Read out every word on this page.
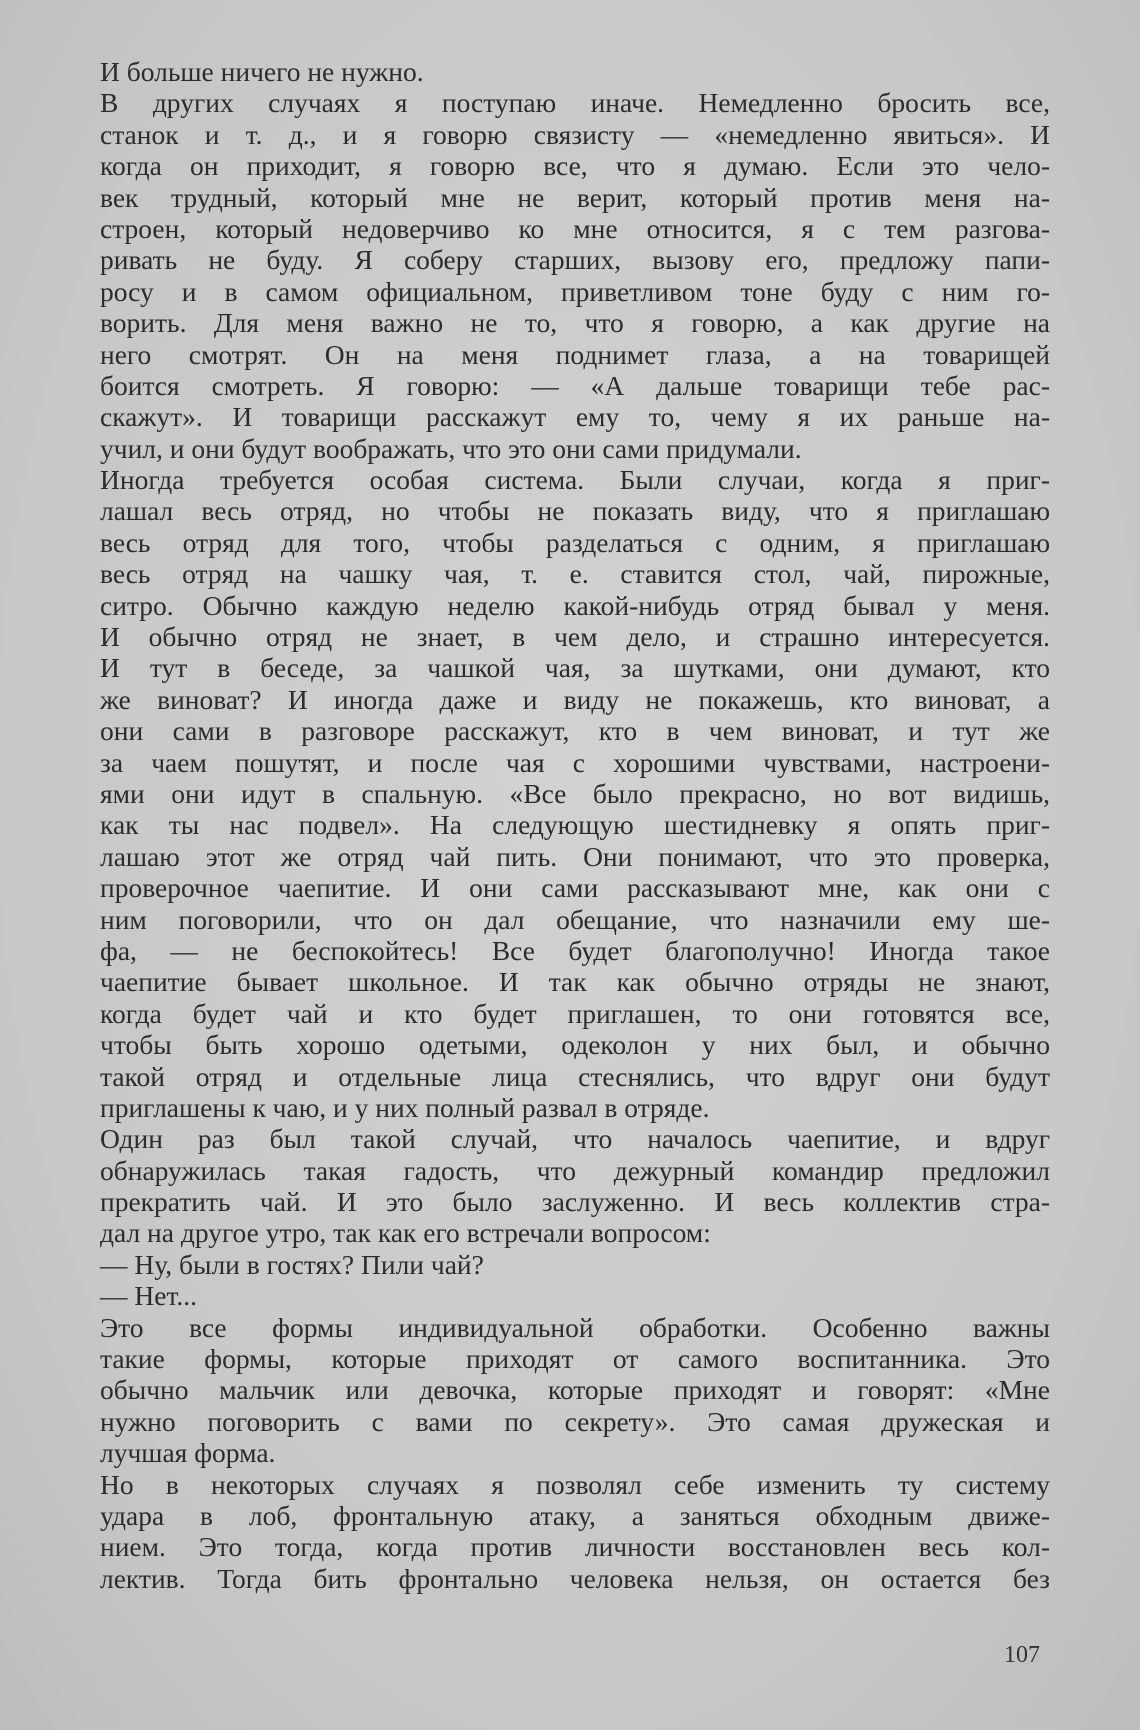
И больше ничего не нужно.
В других случаях я поступаю иначе. Немедленно бросить все,
станок и т. д., и я говорю связисту — «немедленно явиться». И
когда он приходит, я говорю все, что я думаю. Если это чело-
век трудный, который мне не верит, который против меня на-
строен, который недоверчиво ко мне относится, я с тем разгова-
ривать не буду. Я соберу старших, вызову его, предложу папи-
росу и в самом официальном, приветливом тоне буду с ним го-
ворить. Для меня важно не то, что я говорю, а как другие на
него смотрят. Он на меня поднимет глаза, а на товарищей
боится смотреть. Я говорю: — «А дальше товарищи тебе рас-
скажут». И товарищи расскажут ему то, чему я их раньше на-
учил, и они будут воображать, что это они сами придумали.
Иногда требуется особая система. Были случаи, когда я приг-
лашал весь отряд, но чтобы не показать виду, что я приглашаю
весь отряд для того, чтобы разделаться с одним, я приглашаю
весь отряд на чашку чая, т. е. ставится стол, чай, пирожные,
ситро. Обычно каждую неделю какой-нибудь отряд бывал у меня.
И обычно отряд не знает, в чем дело, и страшно интересуется.
И тут в беседе, за чашкой чая, за шутками, они думают, кто
же виноват? И иногда даже и виду не покажешь, кто виноват, а
они сами в разговоре расскажут, кто в чем виноват, и тут же
за чаем пошутят, и после чая с хорошими чувствами, настроени-
ями они идут в спальную. «Все было прекрасно, но вот видишь,
как ты нас подвел». На следующую шестидневку я опять приг-
лашаю этот же отряд чай пить. Они понимают, что это проверка,
проверочное чаепитие. И они сами рассказывают мне, как они с
ним поговорили, что он дал обещание, что назначили ему ше-
фа, — не беспокойтесь! Все будет благополучно! Иногда такое
чаепитие бывает школьное. И так как обычно отряды не знают,
когда будет чай и кто будет приглашен, то они готовятся все,
чтобы быть хорошо одетыми, одеколон у них был, и обычно
такой отряд и отдельные лица стеснялись, что вдруг они будут
приглашены к чаю, и у них полный развал в отряде.
Один раз был такой случай, что началось чаепитие, и вдруг
обнаружилась такая гадость, что дежурный командир предложил
прекратить чай. И это было заслуженно. И весь коллектив стра-
дал на другое утро, так как его встречали вопросом:
— Ну, были в гостях? Пили чай?
— Нет...
Это все формы индивидуальной обработки. Особенно важны
такие формы, которые приходят от самого воспитанника. Это
обычно мальчик или девочка, которые приходят и говорят: «Мне
нужно поговорить с вами по секрету». Это самая дружеская и
лучшая форма.
Но в некоторых случаях я позволял себе изменить ту систему
удара в лоб, фронтальную атаку, а заняться обходным движе-
нием. Это тогда, когда против личности восстановлен весь кол-
лектив. Тогда бить фронтально человека нельзя, он остается без
107
